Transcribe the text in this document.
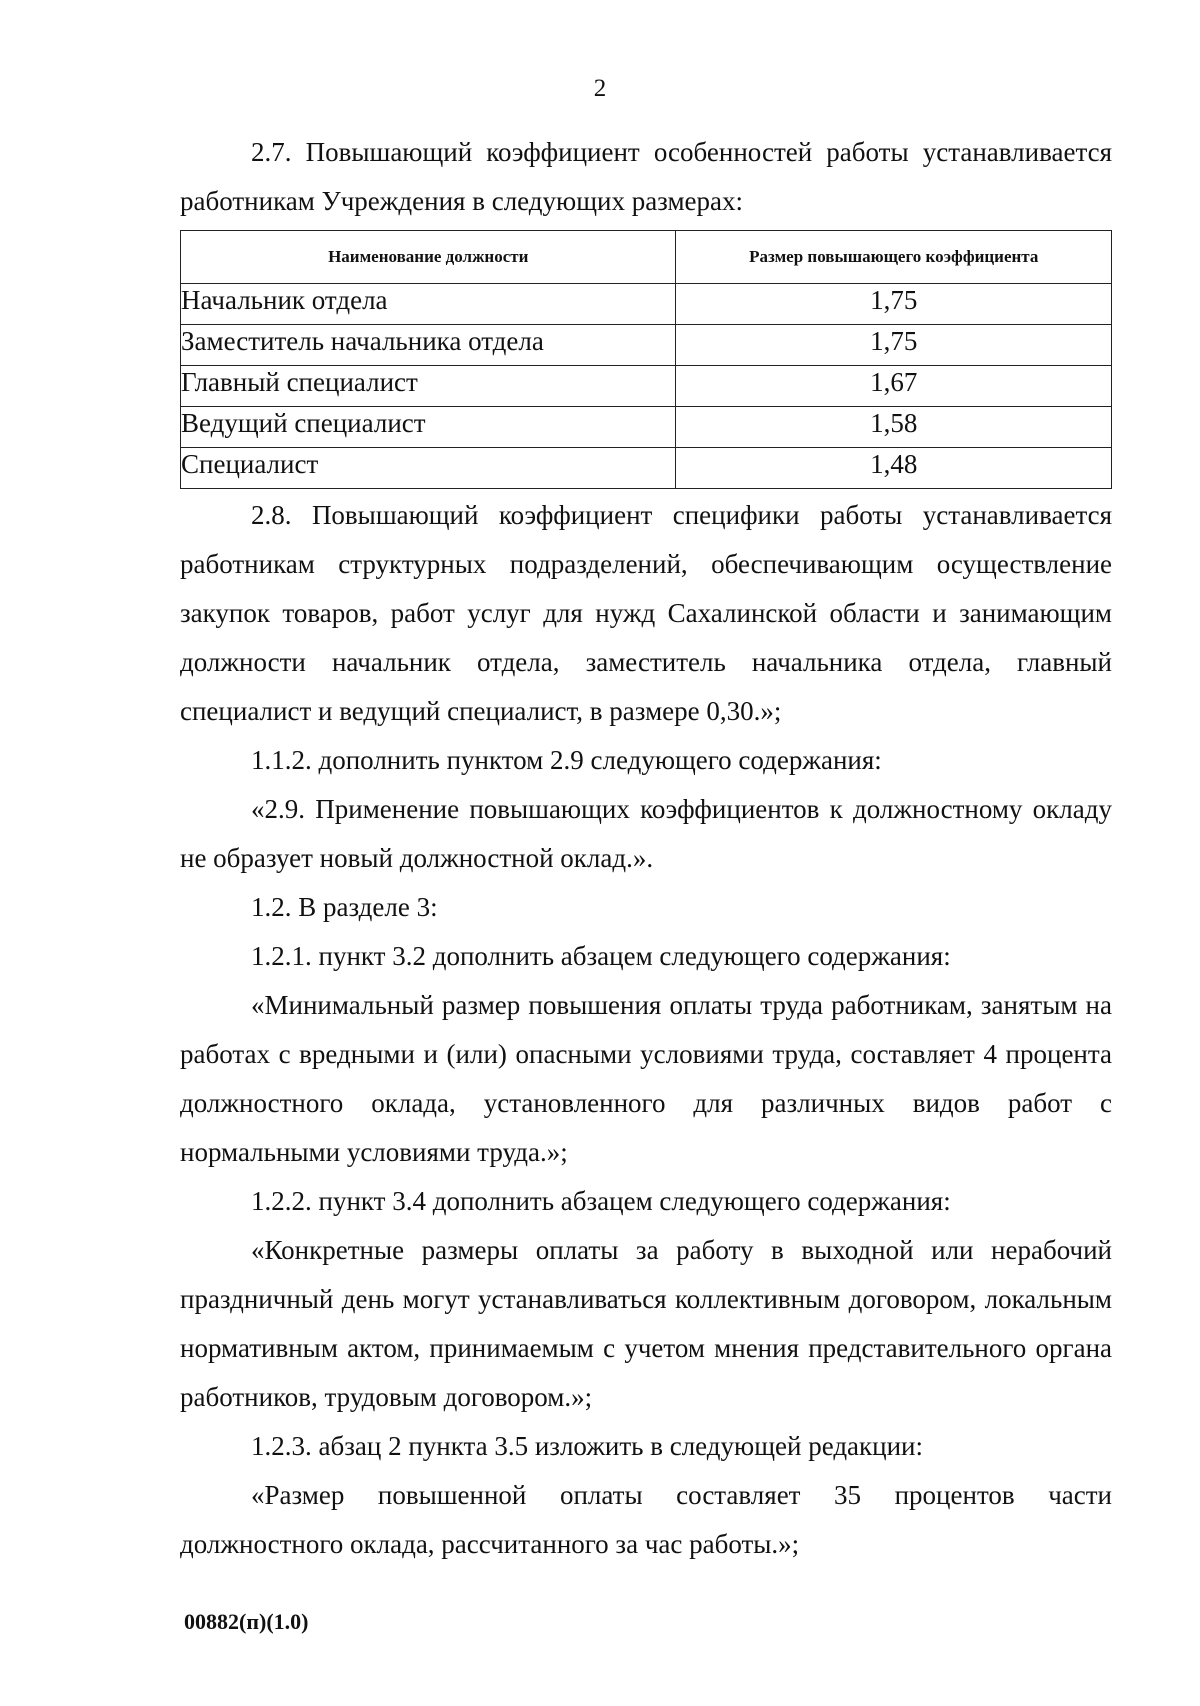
2

2.7. Повышающий коэффициент особенностей работы устанавливается работникам Учреждения в следующих размерах:

Наименование должности	Размер повышающего коэффициента
Начальник отдела	1,75
Заместитель начальника отдела	1,75
Главный специалист	1,67
Ведущий специалист	1,58
Специалист	1,48

2.8. Повышающий коэффициент специфики работы устанавливается работникам структурных подразделений, обеспечивающим осуществление закупок товаров, работ услуг для нужд Сахалинской области и занимающим должности начальник отдела, заместитель начальника отдела, главный специалист и ведущий специалист, в размере 0,30.»;

1.1.2. дополнить пунктом 2.9 следующего содержания:

«2.9. Применение повышающих коэффициентов к должностному окладу не образует новый должностной оклад.».

1.2. В разделе 3:

1.2.1. пункт 3.2 дополнить абзацем следующего содержания:

«Минимальный размер повышения оплаты труда работникам, занятым на работах с вредными и (или) опасными условиями труда, составляет 4 процента должностного оклада, установленного для различных видов работ с нормальными условиями труда.»;

1.2.2. пункт 3.4 дополнить абзацем следующего содержания:

«Конкретные размеры оплаты за работу в выходной или нерабочий праздничный день могут устанавливаться коллективным договором, локальным нормативным актом, принимаемым с учетом мнения представительного органа работников, трудовым договором.»;

1.2.3. абзац 2 пункта 3.5 изложить в следующей редакции:

«Размер повышенной оплаты составляет 35 процентов части должностного оклада, рассчитанного за час работы.»;

00882(п)(1.0)
